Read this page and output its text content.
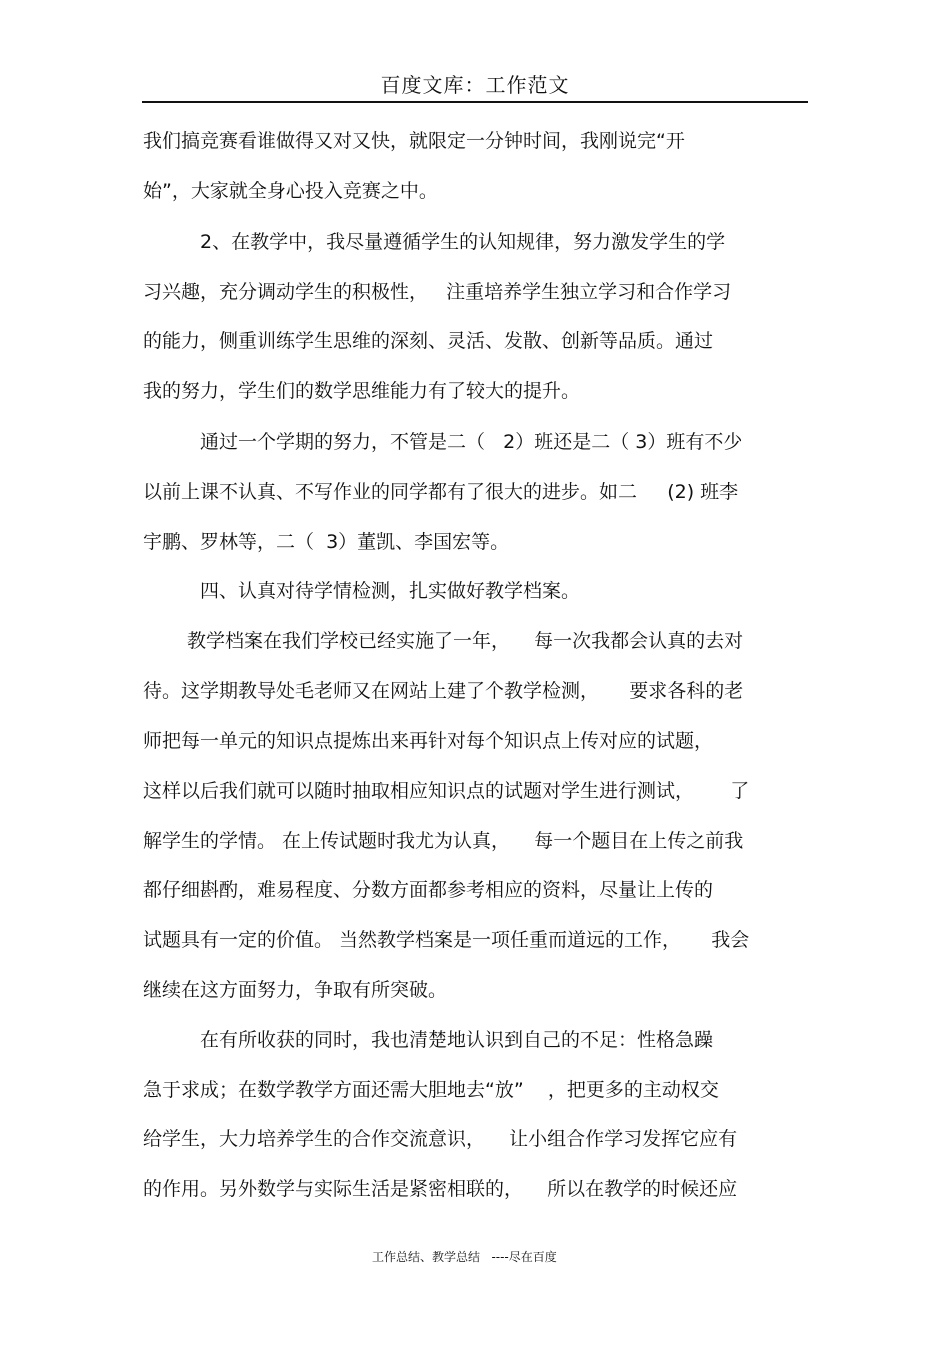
百度文库：工作范文
我们搞竞赛看谁做得又对又快，就限定一分钟时间，我刚说完“开
始”，大家就全身心投入竞赛之中。
2、在教学中，我尽量遵循学生的认知规律，努力激发学生的学
习兴趣，充分调动学生的积极性，   注重培养学生独立学习和合作学习
的能力，侧重训练学生思维的深刻、灵活、发散、创新等品质。通过
我的努力，学生们的数学思维能力有了较大的提升。
通过一个学期的努力，不管是二（   2）班还是二（ 3）班有不少
以前上课不认真、不写作业的同学都有了很大的进步。如二     (2) 班李
宇鹏、罗林等，二（  3）董凯、李国宏等。
四、认真对待学情检测，扎实做好教学档案。
教学档案在我们学校已经实施了一年，    每一次我都会认真的去对
待。这学期教导处毛老师又在网站上建了个教学检测，     要求各科的老
师把每一单元的知识点提炼出来再针对每个知识点上传对应的试题，
这样以后我们就可以随时抽取相应知识点的试题对学生进行测试，      了
解学生的学情。 在上传试题时我尤为认真，    每一个题目在上传之前我
都仔细斟酌，难易程度、分数方面都参考相应的资料，尽量让上传的
试题具有一定的价值。 当然教学档案是一项任重而道远的工作，     我会
继续在这方面努力，争取有所突破。
在有所收获的同时，我也清楚地认识到自己的不足：性格急躁
急于求成；在数学教学方面还需大胆地去“放”    ，把更多的主动权交
给学生，大力培养学生的合作交流意识，    让小组合作学习发挥它应有
的作用。另外数学与实际生活是紧密相联的，    所以在教学的时候还应
工作总结、教学总结   ----尽在百度
